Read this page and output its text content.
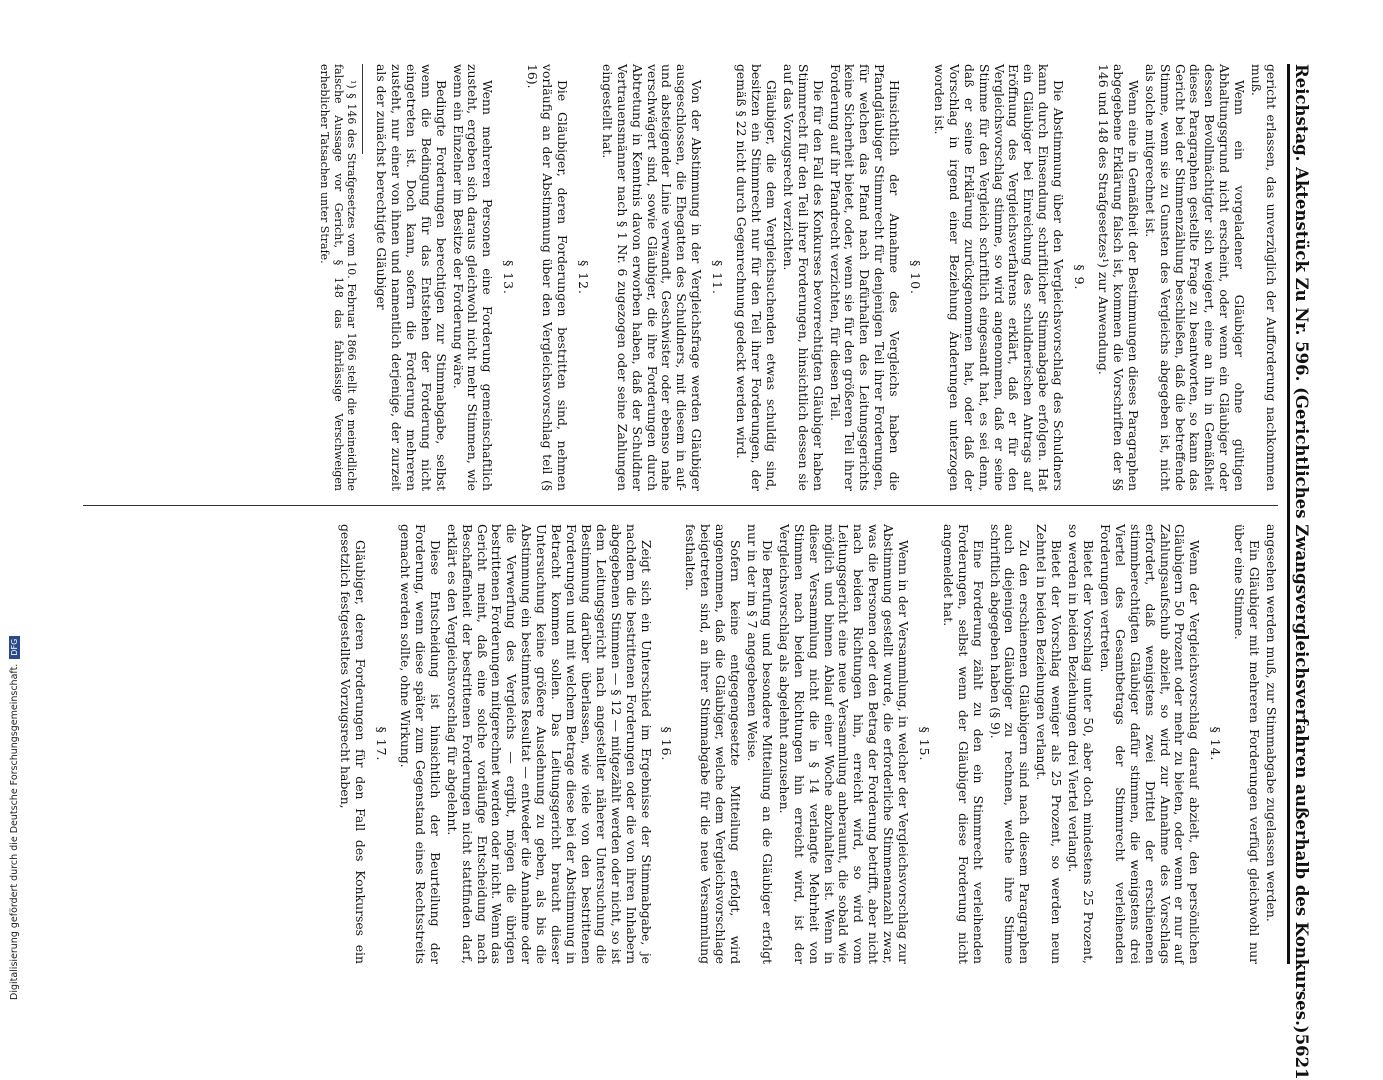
Reichstag. Aktenstück Zu Nr. 596. (Gerichtliches Zwangsvergleichsverfahren außerhalb des Konkurses.)
5621

gericht erlassen, das unverzüglich der Aufforderung nachkommen muß.

Wenn ein vorgeladener Gläubiger ohne gültigen Abhaltungsgrund nicht erscheint, oder wenn ein Gläubiger oder dessen Bevollmächtigter sich weigert, eine an ihn in Gemäßheit dieses Paragraphen gestellte Frage zu beantworten, so kann das Gericht bei der Stimmenzählung beschließen, daß die betreffende Stimme, wenn sie zu Gunsten des Vergleichs abgegeben ist, nicht als solche mitgerechnet ist.

Wenn eine in Gemäßheit der Bestimmungen dieses Paragraphen abgegebene Erklärung falsch ist, kommen die Vorschriften der §§ 146 und 148 des Strafgesetzes¹) zur Anwendung.

§ 9.

Die Abstimmung über den Vergleichsvorschlag des Schuldners kann durch Einsendung schriftlicher Stimmabgabe erfolgen. Hat ein Gläubiger bei Einreichung des schuldnerischen Antrags auf Eröffnung des Vergleichsverfahrens erklärt, daß er für den Vergleichsvorschlag stimme, so wird angenommen, daß er seine Stimme für den Vergleich schriftlich eingesandt hat, es sei denn, daß er seine Erklärung zurückgenommen hat, oder daß der Vorschlag in irgend einer Beziehung Änderungen unterzogen worden ist.

§ 10.

Hinsichtlich der Annahme des Vergleichs haben die Pfandgläubiger Stimmrecht für denjenigen Teil ihrer Forderungen, für welchen das Pfand nach Dafürhalten des Leitungsgerichts keine Sicherheit bietet, oder, wenn sie für den größeren Teil ihrer Forderung auf ihr Pfandrecht verzichten, für diesen Teil.

Die für den Fall des Konkurses bevorrechtigten Gläubiger haben Stimmrecht für den Teil ihrer Forderungen, hinsichtlich dessen sie auf das Vorzugsrecht verzichten.

Gläubiger, die dem Vergleichsuchenden etwas schuldig sind, besitzen ein Stimmrecht nur für den Teil ihrer Forderungen, der gemäß § 22 nicht durch Gegenrechnung gedeckt werden wird.

§ 11.

Von der Abstimmung in der Vergleichsfrage werden Gläubiger ausgeschlossen, die Ehegatten des Schuldners, mit diesem in auf- und absteigender Linie verwandt, Geschwister oder ebenso nahe verschwägert sind, sowie Gläubiger, die ihre Forderungen durch Abtretung in Kenntnis davon erworben haben, daß der Schuldner Vertrauensmänner nach § 1 Nr. 6 zugezogen oder seine Zahlungen eingestellt hat.

§ 12.

Die Gläubiger, deren Forderungen bestritten sind, nehmen vorläufig an der Abstimmung über den Vergleichsvorschlag teil (§ 16).

§ 13.

Wenn mehreren Personen eine Forderung gemeinschaftlich zusteht, ergeben sich daraus gleichwohl nicht mehr Stimmen, wie wenn ein Einzelner im Besitze der Forderung wäre.

Bedingte Forderungen berechtigen zur Stimmabgabe, selbst wenn die Bedingung für das Entstehen der Forderung nicht eingetreten ist. Doch kann, sofern die Forderung mehreren zusteht, nur einer von ihnen und namentlich derjenige, der zurzeit als der zunächst berechtigte Gläubiger

¹) § 146 des Strafgesetzes vom 10. Februar 1866 stellt die meineidliche falsche Aussage vor Gericht, § 148 das fahrlässige Verschweigen erheblicher Tatsachen unter Strafe.

angesehen werden muß, zur Stimmabgabe zugelassen werden.

Ein Gläubiger mit mehreren Forderungen verfügt gleichwohl nur über eine Stimme.

§ 14.

Wenn der Vergleichsvorschlag darauf abzielt, den persönlichen Gläubigern 50 Prozent oder mehr zu bieten, oder wenn er nur auf Zahlungsaufschub abzielt, so wird zur Annahme des Vorschlags erfordert, daß wenigstens zwei Drittel der erschienenen stimmberechtigten Gläubiger dafür stimmen, die wenigstens drei Viertel des Gesamtbetrags der Stimmrecht verleihenden Forderungen vertreten.

Bietet der Vorschlag unter 50, aber doch mindestens 25 Prozent, so werden in beiden Beziehungen drei Viertel verlangt.

Bietet der Vorschlag weniger als 25 Prozent, so werden neun Zehntel in beiden Beziehungen verlangt.

Zu den erschienenen Gläubigern sind nach diesem Paragraphen auch diejenigen Gläubiger zu rechnen, welche ihre Stimme schriftlich abgegeben haben (§ 9).

Eine Forderung zählt zu den ein Stimmrecht verleihenden Forderungen, selbst wenn der Gläubiger diese Forderung nicht angemeldet hat.

§ 15.

Wenn in der Versammlung, in welcher der Vergleichsvorschlag zur Abstimmung gestellt wurde, die erforderliche Stimmenanzahl zwar, was die Personen oder den Betrag der Forderung betrifft, aber nicht nach beiden Richtungen hin, erreicht wird, so wird vom Leitungsgericht eine neue Versammlung anberaumt, die sobald wie möglich und binnen Ablauf einer Woche abzuhalten ist. Wenn in dieser Versammlung nicht die in § 14 verlangte Mehrheit von Stimmen nach beiden Richtungen hin erreicht wird, ist der Vergleichsvorschlag als abgelehnt anzusehen.

Die Berufung und besondere Mitteilung an die Gläubiger erfolgt nur in der im § 7 angegebenen Weise.

Sofern keine entgegengesetzte Mitteilung erfolgt, wird angenommen, daß die Gläubiger, welche dem Vergleichsvorschlage beigetreten sind, an ihrer Stimmabgabe für die neue Versammlung festhalten.

§ 16.

Zeigt sich ein Unterschied im Ergebnisse der Stimmabgabe, je nachdem die bestrittenen Forderungen oder die von ihren Inhabern abgegebenen Stimmen — § 12 — mitgezählt werden oder nicht, so ist dem Leitungsgericht nach angestellter näherer Untersuchung die Bestimmung darüber überlassen, wie viele von den bestrittenen Forderungen und mit welchem Betrage diese bei der Abstimmung in Betracht kommen sollen. Das Leitungsgericht braucht dieser Untersuchung keine größere Ausdehnung zu geben, als bis die Abstimmung ein bestimmtes Resultat — entweder die Annahme oder die Verwerfung des Vergleichs — ergibt, mögen die übrigen bestrittenen Forderungen mitgerechnet werden oder nicht. Wenn das Gericht meint, daß eine solche vorläufige Entscheidung nach Beschaffenheit der bestrittenen Forderungen nicht stattfinden darf, erklärt es den Vergleichsvorschlag für abgelehnt.

Diese Entscheidung ist hinsichtlich der Beurteilung der Forderung, wenn diese später zum Gegenstand eines Rechtsstreits gemacht werden sollte, ohne Wirkung.

§ 17.

Gläubiger, deren Forderungen für den Fall des Konkurses ein gesetzlich festgestelltes Vorzugsrecht haben,

Digitalisierung gefördert durch die Deutsche Forschungsgemeinschaft.
DFG
